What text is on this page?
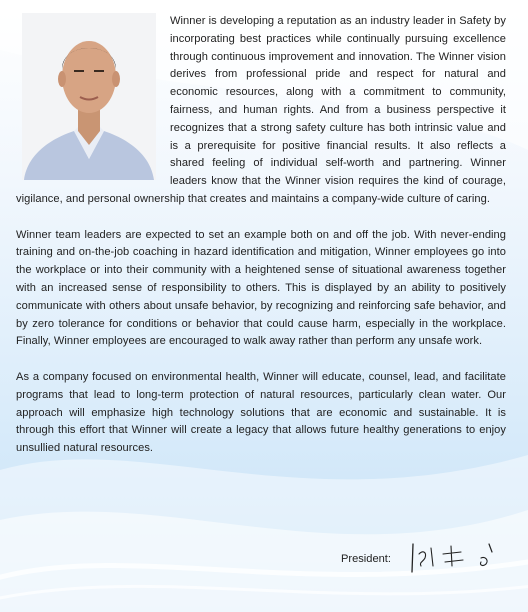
Winner is developing a reputation as an industry leader in Safety by incorporating best practices while continually pursuing excellence through continuous improvement and innovation. The Winner vision derives from professional pride and respect for natural and economic resources, along with a commitment to community, fairness, and human rights. And from a business perspective it recognizes that a strong safety culture has both intrinsic value and is a prerequisite for positive financial results. It also reflects a shared feeling of individual self-worth and partnering. Winner leaders know that the Winner vision requires the kind of courage, vigilance, and personal ownership that creates and maintains a company-wide culture of caring.

Winner team leaders are expected to set an example both on and off the job. With never-ending training and on-the-job coaching in hazard identification and mitigation, Winner employees go into the workplace or into their community with a heightened sense of situational awareness together with an increased sense of responsibility to others. This is displayed by an ability to positively communicate with others about unsafe behavior, by recognizing and reinforcing safe behavior, and by zero tolerance for conditions or behavior that could cause harm, especially in the workplace. Finally, Winner employees are encouraged to walk away rather than perform any unsafe work.

As a company focused on environmental health, Winner will educate, counsel, lead, and facilitate programs that lead to long-term protection of natural resources, particularly clean water. Our approach will emphasize high technology solutions that are economic and sustainable. It is through this effort that Winner will create a legacy that allows future healthy generations to enjoy unsullied natural resources.

President:
